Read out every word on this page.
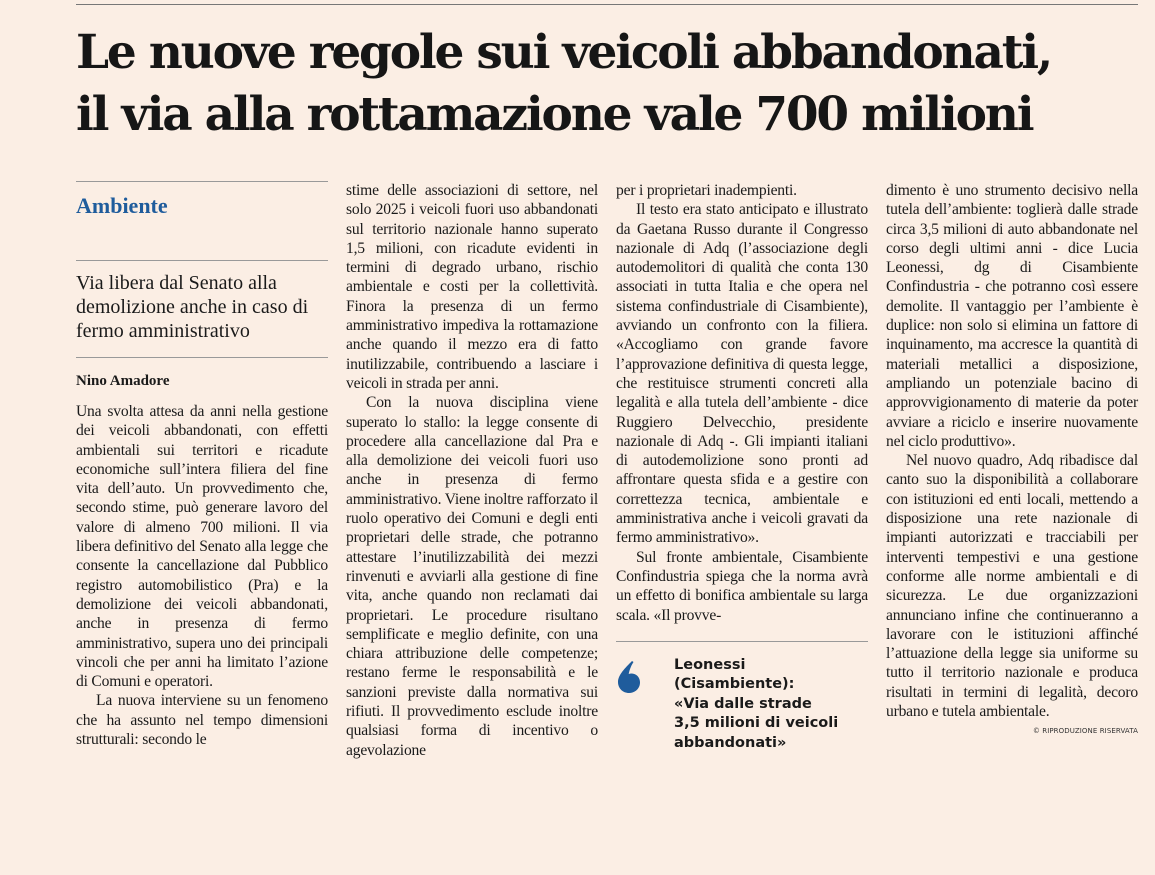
Le nuove regole sui veicoli abbandonati,
il via alla rottamazione vale 700 milioni
Ambiente
Via libera dal Senato alla demolizione anche in caso di fermo amministrativo
Nino Amadore

Una svolta attesa da anni nella gestione dei veicoli abbandonati, con effetti ambientali sui territori e ricadute economiche sull’intera filiera del fine vita dell’auto. Un provvedimento che, secondo stime, può generare lavoro del valore di almeno 700 milioni. Il via libera definitivo del Senato alla legge che consente la cancellazione dal Pubblico registro automobilistico (Pra) e la demolizione dei veicoli abbandonati, anche in presenza di fermo amministrativo, supera uno dei principali vincoli che per anni ha limitato l’azione di Comuni e operatori.

La nuova interviene su un fenomeno che ha assunto nel tempo dimensioni strutturali: secondo le

stime delle associazioni di settore, nel solo 2025 i veicoli fuori uso abbandonati sul territorio nazionale hanno superato 1,5 milioni, con ricadute evidenti in termini di degrado urbano, rischio ambientale e costi per la collettività. Finora la presenza di un fermo amministrativo impediva la rottamazione anche quando il mezzo era di fatto inutilizzabile, contribuendo a lasciare i veicoli in strada per anni.

Con la nuova disciplina viene superato lo stallo: la legge consente di procedere alla cancellazione dal Pra e alla demolizione dei veicoli fuori uso anche in presenza di fermo amministrativo. Viene inoltre rafforzato il ruolo operativo dei Comuni e degli enti proprietari delle strade, che potranno attestare l’inutilizzabilità dei mezzi rinvenuti e avviarli alla gestione di fine vita, anche quando non reclamati dai proprietari. Le procedure risultano semplificate e meglio definite, con una chiara attribuzione delle competenze; restano ferme le responsabilità e le sanzioni previste dalla normativa sui rifiuti. Il provvedimento esclude inoltre qualsiasi forma di incentivo o agevolazione

per i proprietari inadempienti.

Il testo era stato anticipato e illustrato da Gaetana Russo durante il Congresso nazionale di Adq (l’associazione degli autodemolitori di qualità che conta 130 associati in tutta Italia e che opera nel sistema confindustriale di Cisambiente), avviando un confronto con la filiera. «Accogliamo con grande favore l’approvazione definitiva di questa legge, che restituisce strumenti concreti alla legalità e alla tutela dell’ambiente - dice Ruggiero Delvecchio, presidente nazionale di Adq -. Gli impianti italiani di autodemolizione sono pronti ad affrontare questa sfida e a gestire con correttezza tecnica, ambientale e amministrativa anche i veicoli gravati da fermo amministrativo».

Sul fronte ambientale, Cisambiente Confindustria spiega che la norma avrà un effetto di bonifica ambientale su larga scala. «Il provve-

Leonessi
(Cisambiente):
«Via dalle strade
3,5 milioni di veicoli
abbandonati»

dimento è uno strumento decisivo nella tutela dell’ambiente: toglierà dalle strade circa 3,5 milioni di auto abbandonate nel corso degli ultimi anni - dice Lucia Leonessi, dg di Cisambiente Confindustria - che potranno così essere demolite. Il vantaggio per l’ambiente è duplice: non solo si elimina un fattore di inquinamento, ma accresce la quantità di materiali metallici a disposizione, ampliando un potenziale bacino di approvvigionamento di materie da poter avviare a riciclo e inserire nuovamente nel ciclo produttivo».

Nel nuovo quadro, Adq ribadisce dal canto suo la disponibilità a collaborare con istituzioni ed enti locali, mettendo a disposizione una rete nazionale di impianti autorizzati e tracciabili per interventi tempestivi e una gestione conforme alle norme ambientali e di sicurezza. Le due organizzazioni annunciano infine che continueranno a lavorare con le istituzioni affinché l’attuazione della legge sia uniforme su tutto il territorio nazionale e produca risultati in termini di legalità, decoro urbano e tutela ambientale.

© RIPRODUZIONE RISERVATA
